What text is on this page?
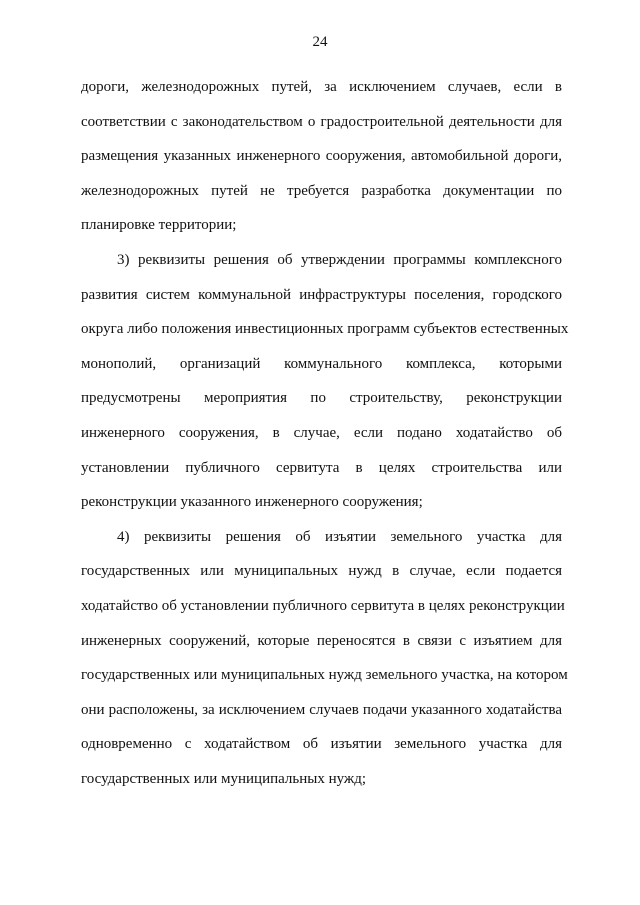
24
дороги, железнодорожных путей, за исключением случаев, если в
соответствии с законодательством о градостроительной деятельности для
размещения указанных инженерного сооружения, автомобильной дороги,
железнодорожных путей не требуется разработка документации по
планировке территории;
3) реквизиты решения об утверждении программы комплексного
развития систем коммунальной инфраструктуры поселения, городского
округа либо положения инвестиционных программ субъектов естественных
монополий, организаций коммунального комплекса, которыми
предусмотрены мероприятия по строительству, реконструкции
инженерного сооружения, в случае, если подано ходатайство об
установлении публичного сервитута в целях строительства или
реконструкции указанного инженерного сооружения;
4) реквизиты решения об изъятии земельного участка для
государственных или муниципальных нужд в случае, если подается
ходатайство об установлении публичного сервитута в целях реконструкции
инженерных сооружений, которые переносятся в связи с изъятием для
государственных или муниципальных нужд земельного участка, на котором
они расположены, за исключением случаев подачи указанного ходатайства
одновременно с ходатайством об изъятии земельного участка для
государственных или муниципальных нужд;
